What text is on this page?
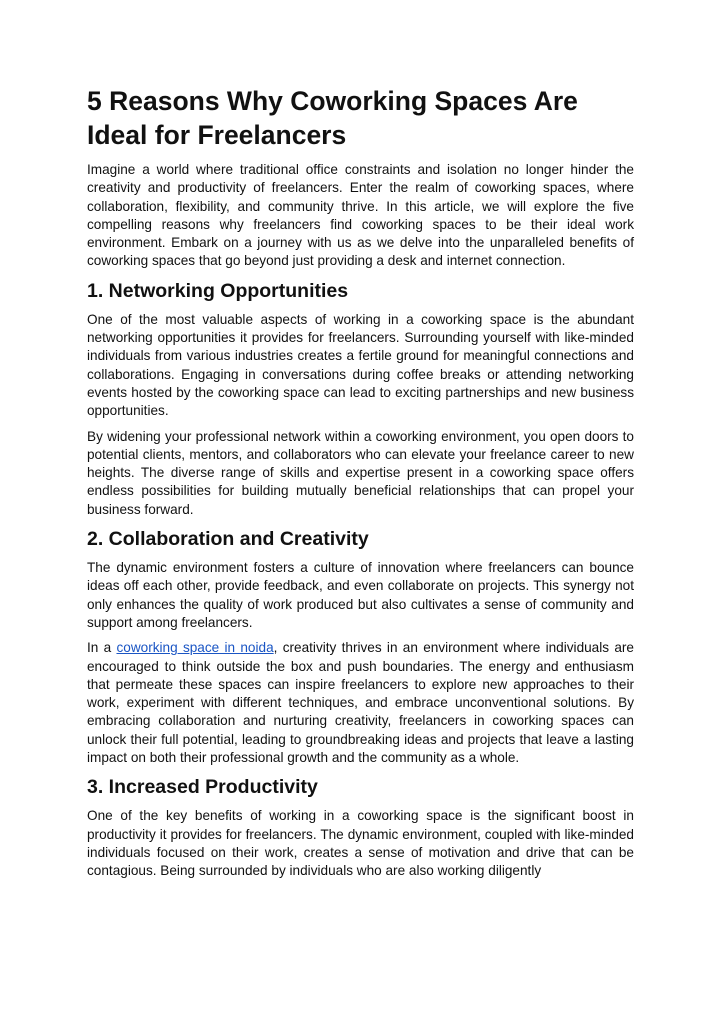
5 Reasons Why Coworking Spaces Are Ideal for Freelancers

Imagine a world where traditional office constraints and isolation no longer hinder the creativity and productivity of freelancers. Enter the realm of coworking spaces, where collaboration, flexibility, and community thrive. In this article, we will explore the five compelling reasons why freelancers find coworking spaces to be their ideal work environment. Embark on a journey with us as we delve into the unparalleled benefits of coworking spaces that go beyond just providing a desk and internet connection.

1. Networking Opportunities

One of the most valuable aspects of working in a coworking space is the abundant networking opportunities it provides for freelancers. Surrounding yourself with like-minded individuals from various industries creates a fertile ground for meaningful connections and collaborations. Engaging in conversations during coffee breaks or attending networking events hosted by the coworking space can lead to exciting partnerships and new business opportunities.

By widening your professional network within a coworking environment, you open doors to potential clients, mentors, and collaborators who can elevate your freelance career to new heights. The diverse range of skills and expertise present in a coworking space offers endless possibilities for building mutually beneficial relationships that can propel your business forward.

2. Collaboration and Creativity

The dynamic environment fosters a culture of innovation where freelancers can bounce ideas off each other, provide feedback, and even collaborate on projects. This synergy not only enhances the quality of work produced but also cultivates a sense of community and support among freelancers.

In a coworking space in noida, creativity thrives in an environment where individuals are encouraged to think outside the box and push boundaries. The energy and enthusiasm that permeate these spaces can inspire freelancers to explore new approaches to their work, experiment with different techniques, and embrace unconventional solutions. By embracing collaboration and nurturing creativity, freelancers in coworking spaces can unlock their full potential, leading to groundbreaking ideas and projects that leave a lasting impact on both their professional growth and the community as a whole.

3. Increased Productivity

One of the key benefits of working in a coworking space is the significant boost in productivity it provides for freelancers. The dynamic environment, coupled with like-minded individuals focused on their work, creates a sense of motivation and drive that can be contagious. Being surrounded by individuals who are also working diligently
